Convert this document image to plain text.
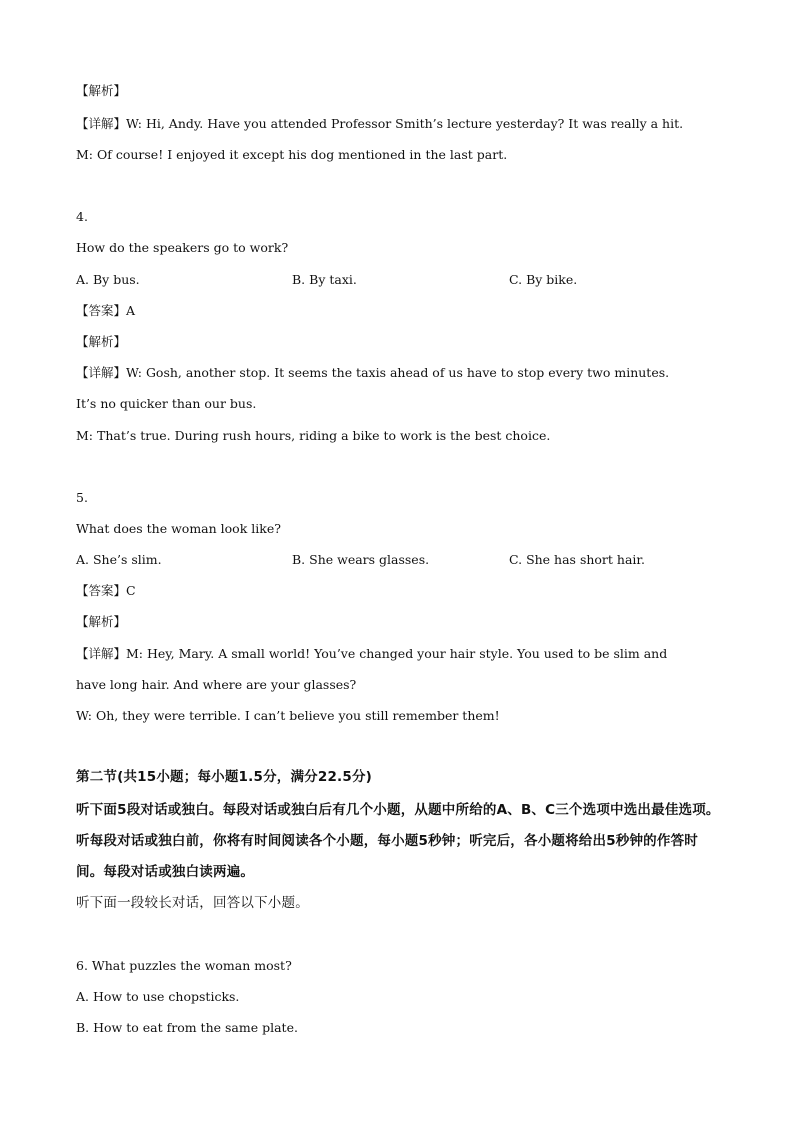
【解析】
【详解】W: Hi, Andy. Have you attended Professor Smith’s lecture yesterday? It was really a hit.
M: Of course! I enjoyed it except his dog mentioned in the last part.
4.
How do the speakers go to work?
A. By bus.	B. By taxi.	C. By bike.
【答案】A
【解析】
【详解】W: Gosh, another stop. It seems the taxis ahead of us have to stop every two minutes.
It’s no quicker than our bus.
M: That’s true. During rush hours, riding a bike to work is the best choice.
5.
What does the woman look like?
A. She’s slim.	B. She wears glasses.	C. She has short hair.
【答案】C
【解析】
【详解】M: Hey, Mary. A small world! You’ve changed your hair style. You used to be slim and
have long hair. And where are your glasses?
W: Oh, they were terrible. I can’t believe you still remember them!
第二节(共15小题；每小题1.5分，满分22.5分)
听下面5段对话或独白。每段对话或独白后有几个小题，从题中所给的A、B、C三个选项中选出最佳选项。
听每段对话或独白前，你将有时间阅读各个小题，每小题5秒钟；听完后，各小题将给出5秒钟的作答时
间。每段对话或独白读两遍。
听下面一段较长对话，回答以下小题。
6. What puzzles the woman most?
A. How to use chopsticks.
B. How to eat from the same plate.
